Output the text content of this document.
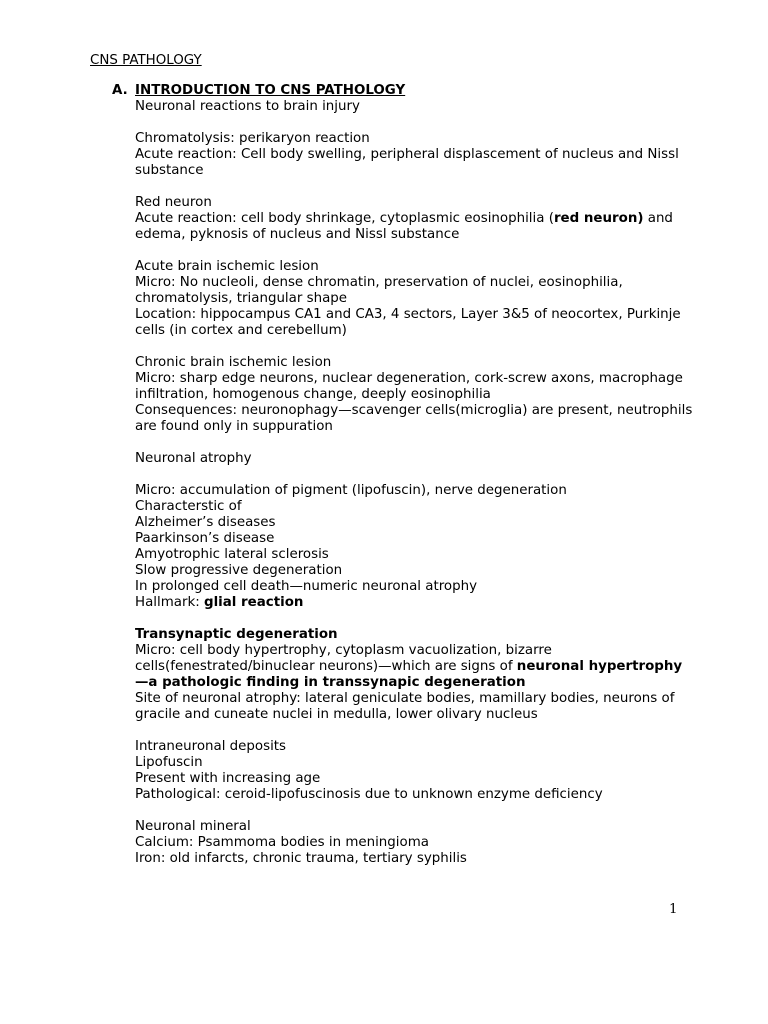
CNS PATHOLOGY
A. INTRODUCTION TO CNS PATHOLOGY

Neuronal reactions to brain injury

Chromatolysis: perikaryon reaction

Acute reaction: Cell body swelling, peripheral displascement of nucleus and Nissl substance

Red neuron

Acute reaction: cell body shrinkage, cytoplasmic eosinophilia (red neuron) and edema, pyknosis of nucleus and Nissl substance

Acute brain ischemic lesion

Micro: No nucleoli, dense chromatin, preservation of nuclei, eosinophilia, chromatolysis, triangular shape

Location: hippocampus CA1 and CA3, 4 sectors, Layer 3&5 of neocortex, Purkinje cells (in cortex and cerebellum)

Chronic brain ischemic lesion

Micro: sharp edge neurons, nuclear degeneration, cork-screw axons, macrophage infiltration, homogenous change, deeply eosinophilia

Consequences: neuronophagy—scavenger cells(microglia) are present, neutrophils are found only in suppuration

Neuronal atrophy

Micro: accumulation of pigment (lipofuscin), nerve degeneration

Characterstic of

Alzheimer’s diseases

Paarkinson’s disease

Amyotrophic lateral sclerosis

Slow progressive degeneration

In prolonged cell death—numeric neuronal atrophy

Hallmark: glial reaction

Transynaptic degeneration

Micro: cell body hypertrophy, cytoplasm vacuolization, bizarre cells(fenestrated/binuclear neurons)—which are signs of neuronal hypertrophy—a pathologic finding in transsynapic degeneration

Site of neuronal atrophy: lateral geniculate bodies, mamillary bodies, neurons of gracile and cuneate nuclei in medulla, lower olivary nucleus

Intraneuronal deposits

Lipofuscin

Present with increasing age

Pathological: ceroid-lipofuscinosis due to unknown enzyme deficiency

Neuronal mineral

Calcium: Psammoma bodies in meningioma

Iron: old infarcts, chronic trauma, tertiary syphilis

1
